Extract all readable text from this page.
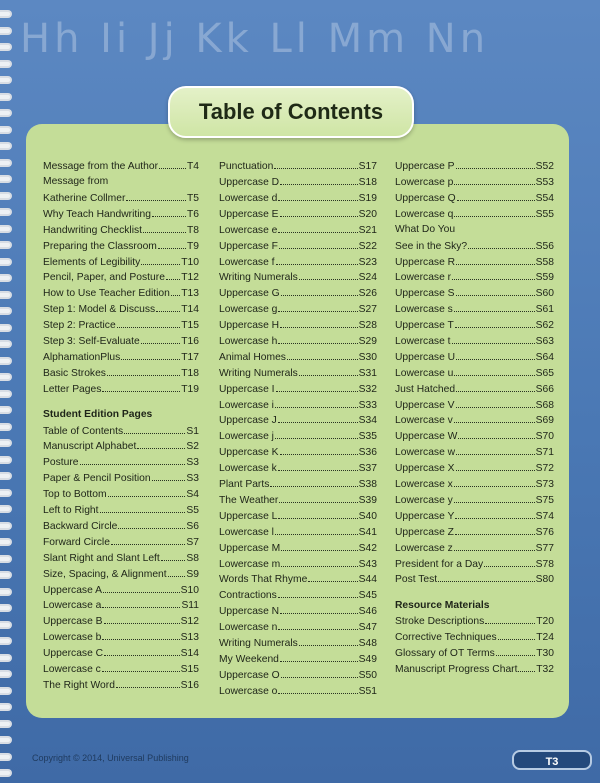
Hh Ii Jj Kk Ll Mm Nn
Table of Contents
Message from the Author	T4
Message from
Katherine Collmer	T5
Why Teach Handwriting	T6
Handwriting Checklist	T8
Preparing the Classroom	T9
Elements of Legibility	T10
Pencil, Paper, and Posture T12
How to Use Teacher Edition T13
Step 1: Model & Discuss	T14
Step 2: Practice	T15
Step 3: Self-Evaluate	T16
AlphamationPlus	T17
Basic Strokes	T18
Letter Pages	T19
Student Edition Pages
Table of Contents	S1
Manuscript Alphabet	S2
Posture	S3
Paper & Pencil Position	S3
Top to Bottom	S4
Left to Right	S5
Backward Circle	S6
Forward Circle	S7
Slant Right and Slant Left	S8
Size, Spacing, & Alignment S9
Uppercase A	S10
Lowercase a	S11
Uppercase B	S12
Lowercase b	S13
Uppercase C	S14
Lowercase c	S15
The Right Word	S16
Punctuation	S17
Uppercase D	S18
Lowercase d	S19
Uppercase E	S20
Lowercase e	S21
Uppercase F	S22
Lowercase f	S23
Writing Numerals	S24
Uppercase G	S26
Lowercase g	S27
Uppercase H	S28
Lowercase h	S29
Animal Homes	S30
Writing Numerals	S31
Uppercase I	S32
Lowercase i	S33
Uppercase J	S34
Lowercase j	S35
Uppercase K	S36
Lowercase k	S37
Plant Parts	S38
The Weather	S39
Uppercase L	S40
Lowercase l	S41
Uppercase M	S42
Lowercase m	S43
Words That Rhyme	S44
Contractions	S45
Uppercase N	S46
Lowercase n	S47
Writing Numerals	S48
My Weekend	S49
Uppercase O	S50
Lowercase o	S51
Uppercase P	S52
Lowercase p	S53
Uppercase Q	S54
Lowercase q	S55
What Do You
See in the Sky?	S56
Uppercase R	S58
Lowercase r	S59
Uppercase S	S60
Lowercase s	S61
Uppercase T	S62
Lowercase t	S63
Uppercase U	S64
Lowercase u	S65
Just Hatched	S66
Uppercase V	S68
Lowercase v	S69
Uppercase W	S70
Lowercase w	S71
Uppercase X	S72
Lowercase x	S73
Lowercase y	S75
Uppercase Y	S74
Uppercase Z	S76
Lowercase z	S77
President for a Day	S78
Post Test	S80
Resource Materials
Stroke Descriptions	T20
Corrective Techniques	T24
Glossary of OT Terms	T30
Manuscript Progress Chart T32
Copyright © 2014, Universal Publishing	T3
